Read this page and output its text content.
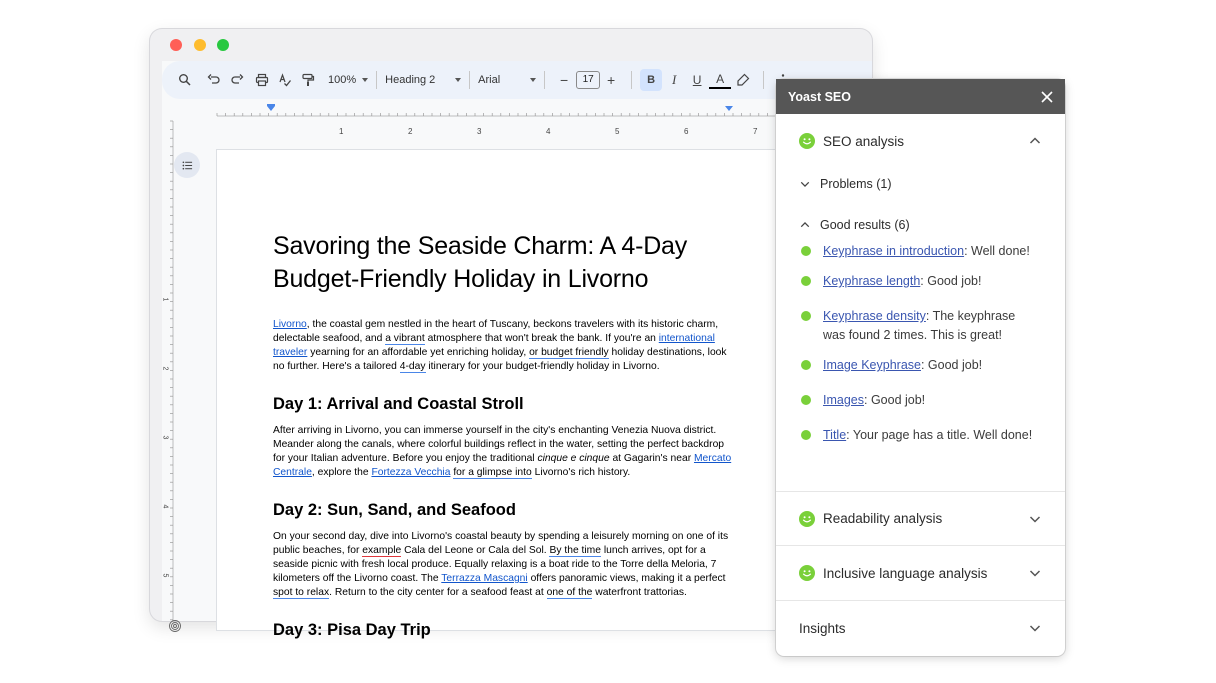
100%	Heading 2	Arial	−	17 +	B	I	U	A
1	2	3	4	5	6	7
1
2
3
4
5
Savoring the Seaside Charm: A 4-Day Budget-Friendly Holiday in Livorno

Livorno, the coastal gem nestled in the heart of Tuscany, beckons travelers with its historic charm, delectable seafood, and a vibrant atmosphere that won't break the bank. If you're an international traveler yearning for an affordable yet enriching holiday, or budget friendly holiday destinations, look no further. Here's a tailored 4-day itinerary for your budget-friendly holiday in Livorno.

Day 1: Arrival and Coastal Stroll

After arriving in Livorno, you can immerse yourself in the city's enchanting Venezia Nuova district. Meander along the canals, where colorful buildings reflect in the water, setting the perfect backdrop for your Italian adventure. Before you enjoy the traditional cinque e cinque at Gagarin's near Mercato Centrale, explore the Fortezza Vecchia for a glimpse into Livorno's rich history.

Day 2: Sun, Sand, and Seafood

On your second day, dive into Livorno's coastal beauty by spending a leisurely morning on one of its public beaches, for example Cala del Leone or Cala del Sol. By the time lunch arrives, opt for a seaside picnic with fresh local produce. Equally relaxing is a boat ride to the Torre della Meloria, 7 kilometers off the Livorno coast. The Terrazza Mascagni offers panoramic views, making it a perfect spot to relax. Return to the city center for a seafood feast at one of the waterfront trattorias.

Day 3: Pisa Day Trip
Yoast SEO
SEO analysis
Problems (1)
Good results (6)
Keyphrase in introduction: Well done!
Keyphrase length: Good job!
Keyphrase density: The keyphrase was found 2 times. This is great!
Image Keyphrase: Good job!
Images: Good job!
Title: Your page has a title. Well done!
Readability analysis
Inclusive language analysis
Insights
